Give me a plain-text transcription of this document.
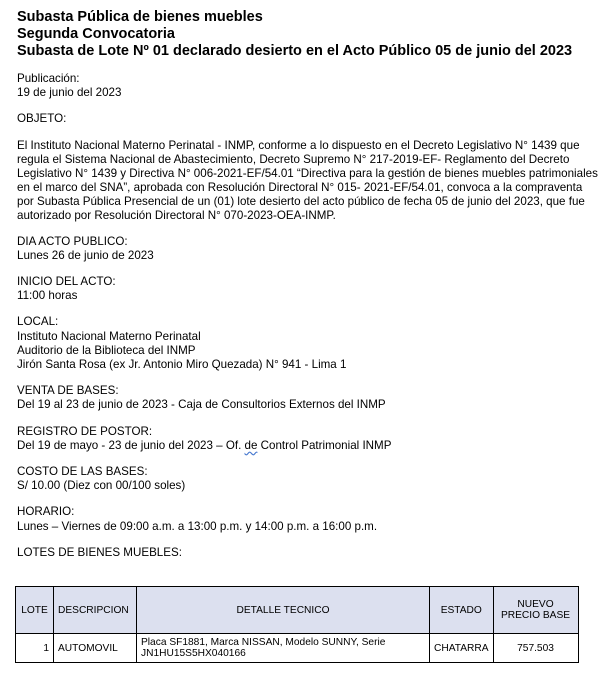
Subasta Pública de bienes muebles

Segunda Convocatoria

Subasta de Lote Nº 01 declarado desierto en el Acto Público 05 de junio del 2023

Publicación:

19 de junio del 2023

OBJETO:

El Instituto Nacional Materno Perinatal - INMP, conforme a lo dispuesto en el Decreto Legislativo N° 1439 que
regula el Sistema Nacional de Abastecimiento, Decreto Supremo N° 217-2019-EF- Reglamento del Decreto
Legislativo N° 1439 y Directiva N° 006-2021-EF/54.01 “Directiva para la gestión de bienes muebles patrimoniales
en el marco del SNA”, aprobada con Resolución Directoral N° 015- 2021-EF/54.01, convoca a la compraventa
por Subasta Pública Presencial de un (01) lote desierto del acto público de fecha 05 de junio del 2023, que fue
autorizado por Resolución Directoral N° 070-2023-OEA-INMP.

DIA ACTO PUBLICO:

Lunes 26 de junio de 2023

INICIO DEL ACTO:

11:00 horas

LOCAL:

Instituto Nacional Materno Perinatal

Auditorio de la Biblioteca del INMP

Jirón Santa Rosa (ex Jr. Antonio Miro Quezada) N° 941 - Lima 1

VENTA DE BASES:

Del 19 al 23 de junio de 2023 - Caja de Consultorios Externos del INMP

REGISTRO DE POSTOR:

Del 19 de mayo - 23 de junio del 2023 – Of. de Control Patrimonial INMP

COSTO DE LAS BASES:

S/ 10.00 (Diez con 00/100 soles)

HORARIO:

Lunes – Viernes de 09:00 a.m. a 13:00 p.m. y 14:00 p.m. a 16:00 p.m.

LOTES DE BIENES MUEBLES:

LOTE	DESCRIPCION	DETALLE TECNICO	ESTADO	NUEVO PRECIO BASE
1	AUTOMOVIL	Placa SF1881, Marca NISSAN, Modelo SUNNY, Serie JN1HU15S5HX040166	CHATARRA	757.503
